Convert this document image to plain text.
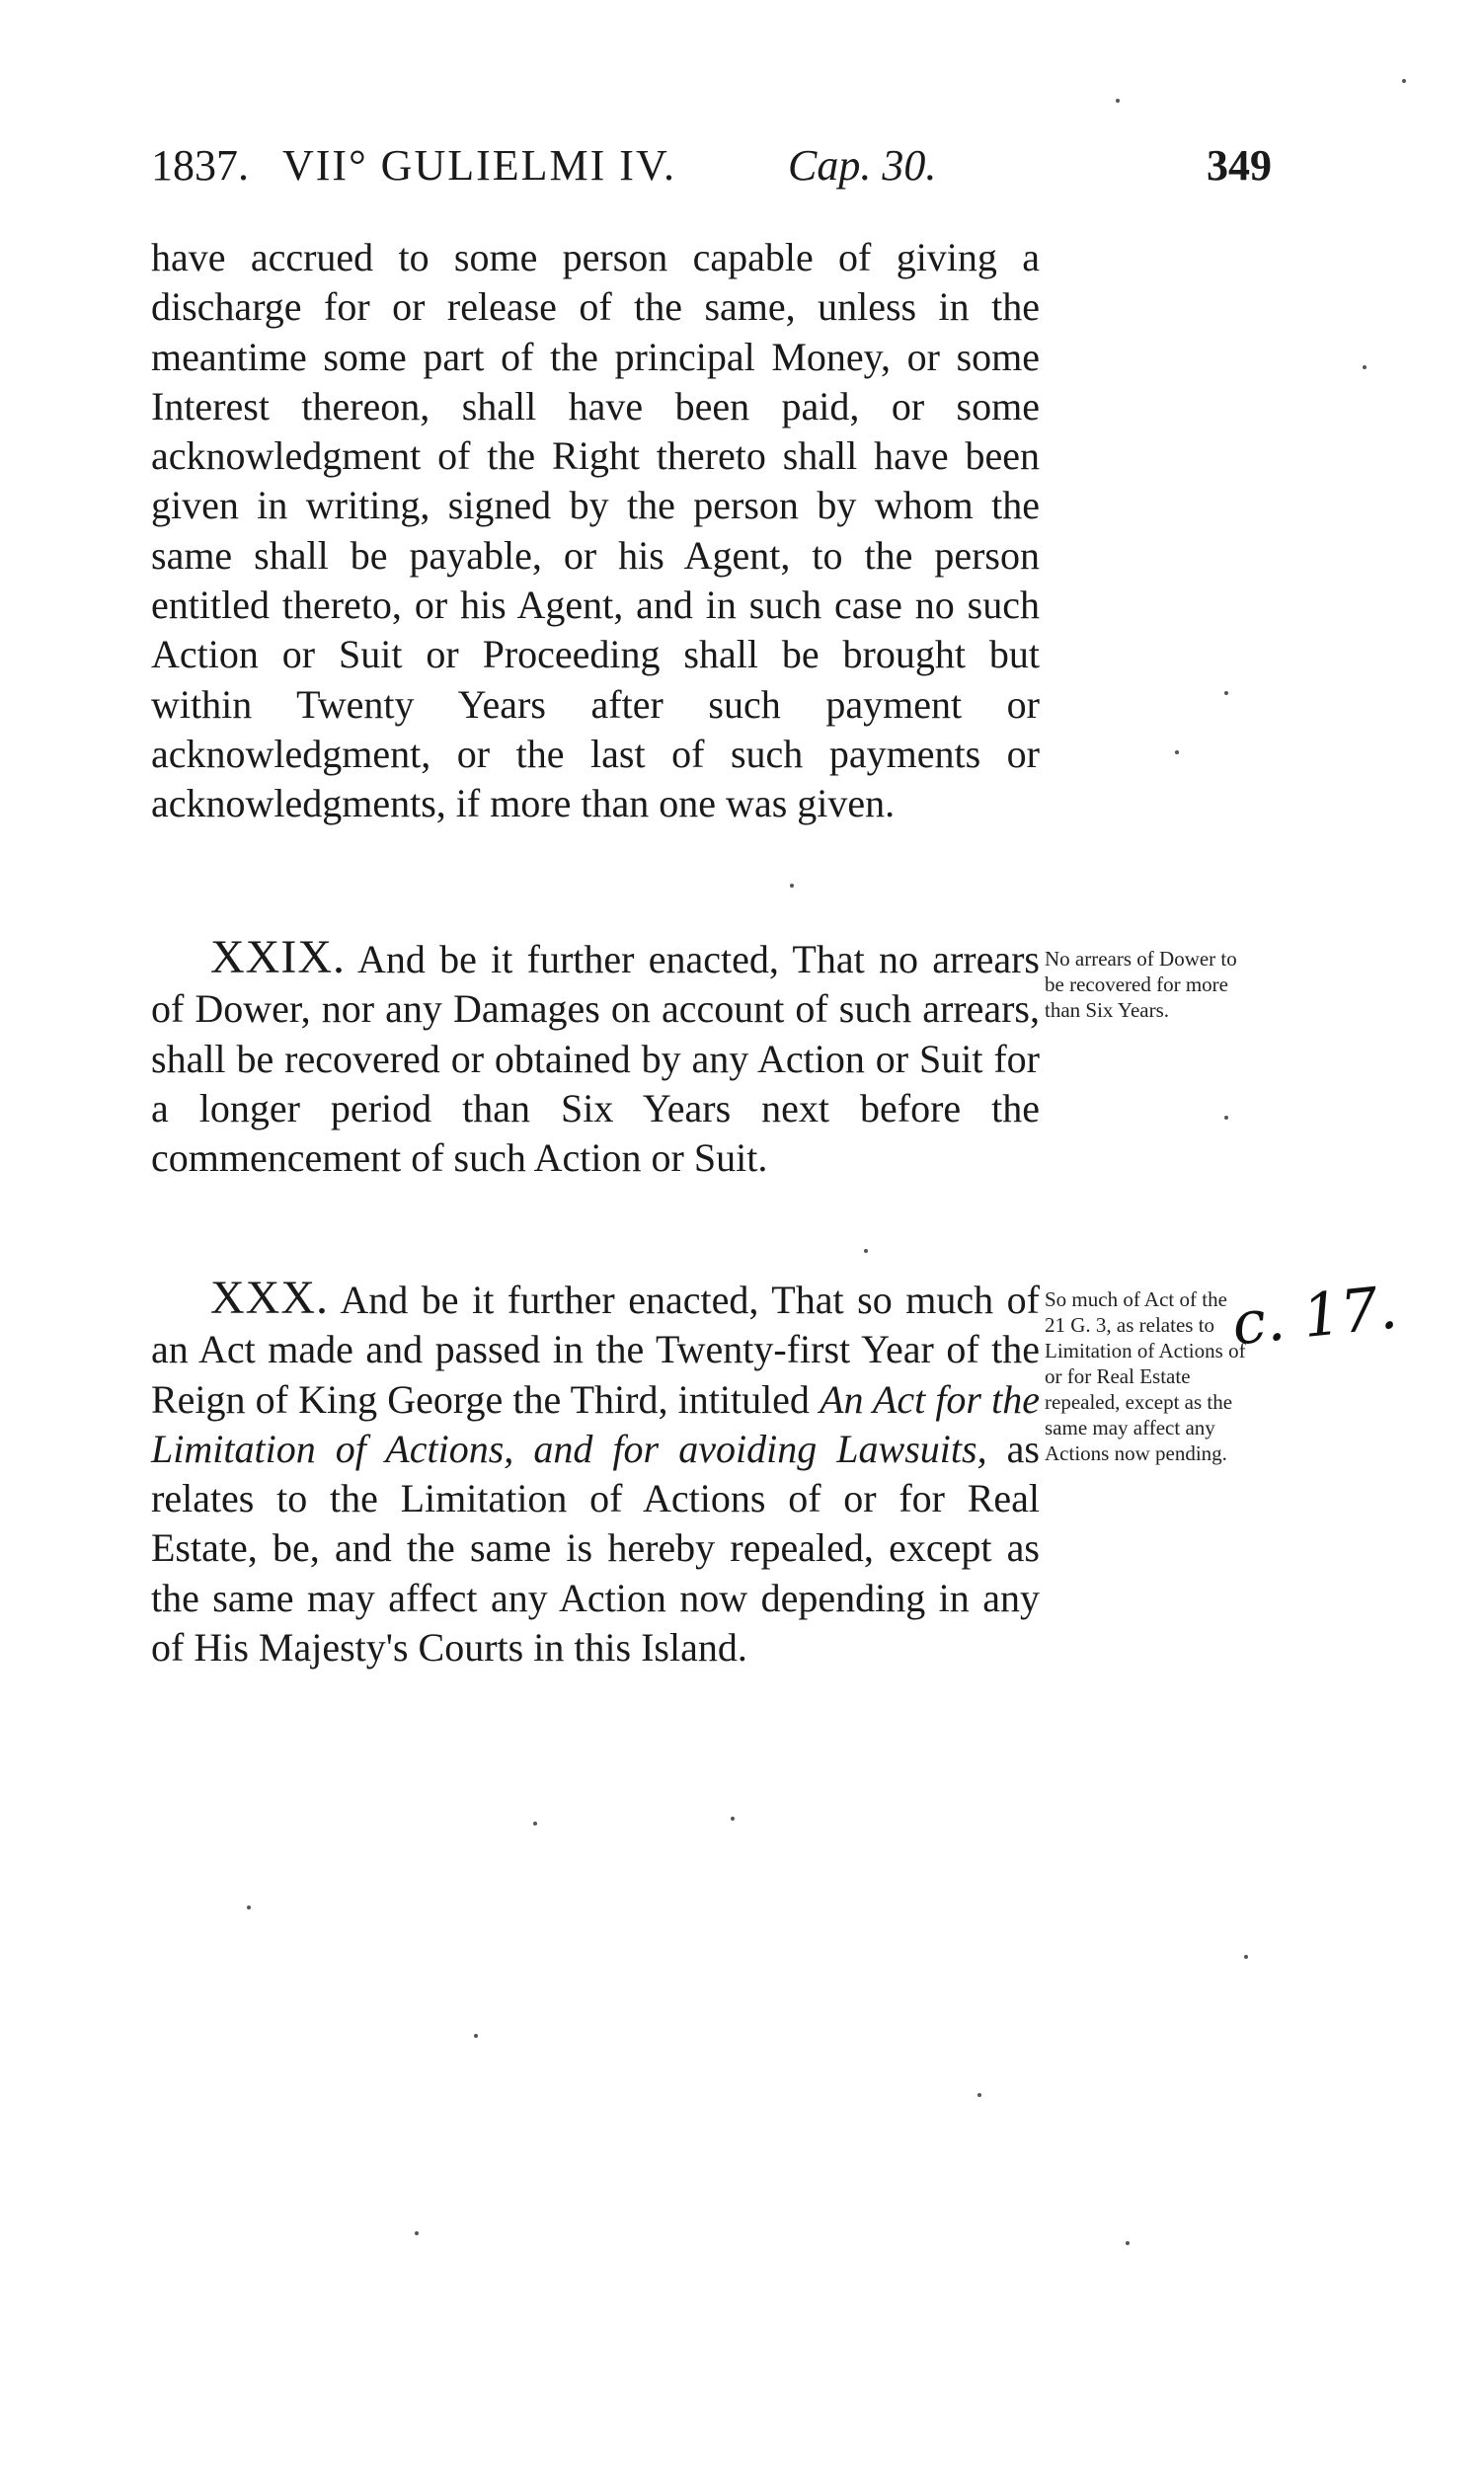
1837. VII° GULIELMI IV.	Cap. 30.	349

have accrued to some person capable of giving a discharge for or release of the same, unless in the meantime some part of the principal Money, or some Interest thereon, shall have been paid, or some acknowledgment of the Right thereto shall have been given in writing, signed by the person by whom the same shall be payable, or his Agent, to the person entitled thereto, or his Agent, and in such case no such Action or Suit or Proceeding shall be brought but within Twenty Years after such payment or acknowledgment, or the last of such payments or acknowledgments, if more than one was given.

XXIX. And be it further enacted, That no arrears of Dower, nor any Damages on account of such arrears, shall be recovered or obtained by any Action or Suit for a longer period than Six Years next before the commencement of such Action or Suit.

No arrears of Dower to be recovered for more than Six Years.

XXX. And be it further enacted, That so much of an Act made and passed in the Twenty-first Year of the Reign of King George the Third, intituled An Act for the Limitation of Actions, and for avoiding Lawsuits, as relates to the Limitation of Actions of or for Real Estate, be, and the same is hereby repealed, except as the same may affect any Action now depending in any of His Majesty's Courts in this Island.

So much of Act of the 21 G. 3, as relates to Limitation of Actions of or for Real Estate repealed, except as the same may affect any Actions now pending.
c. 17.
